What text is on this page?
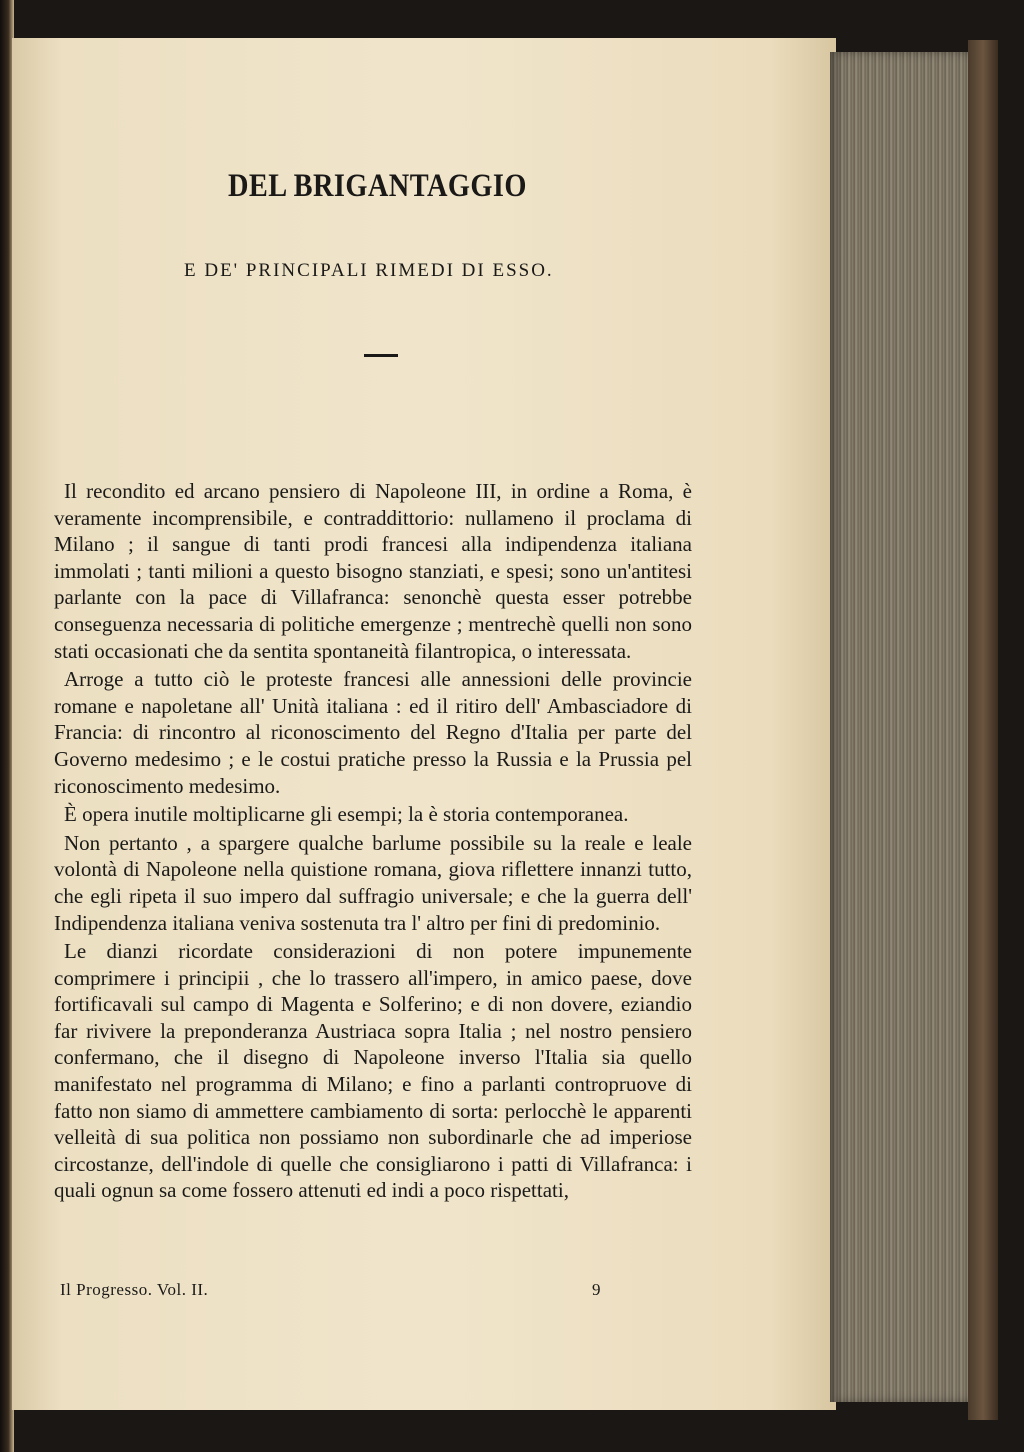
DEL BRIGANTAGGIO
E DE' PRINCIPALI RIMEDI DI ESSO.

Il recondito ed arcano pensiero di Napoleone III, in ordine a Roma, è veramente incomprensibile, e contraddittorio: nullameno il proclama di Milano ; il sangue di tanti prodi francesi alla indipendenza italiana immolati ; tanti milioni a questo bisogno stanziati, e spesi; sono un'antitesi parlante con la pace di Villafranca: senonchè questa esser potrebbe conseguenza necessaria di politiche emergenze ; mentrechè quelli non sono stati occasionati che da sentita spontaneità filantropica, o interessata.

Arroge a tutto ciò le proteste francesi alle annessioni delle provincie romane e napoletane all' Unità italiana : ed il ritiro dell' Ambasciadore di Francia: di rincontro al riconoscimento del Regno d'Italia per parte del Governo medesimo ; e le costui pratiche presso la Russia e la Prussia pel riconoscimento medesimo.

È opera inutile moltiplicarne gli esempi; la è storia contemporanea.

Non pertanto , a spargere qualche barlume possibile su la reale e leale volontà di Napoleone nella quistione romana, giova riflettere innanzi tutto, che egli ripeta il suo impero dal suffragio universale; e che la guerra dell' Indipendenza italiana veniva sostenuta tra l' altro per fini di predominio.

Le dianzi ricordate considerazioni di non potere impunemente comprimere i principii , che lo trassero all'impero, in amico paese, dove fortificavali sul campo di Magenta e Solferino; e di non dovere, eziandio far rivivere la preponderanza Austriaca sopra Italia ; nel nostro pensiero confermano, che il disegno di Napoleone inverso l'Italia sia quello manifestato nel programma di Milano; e fino a parlanti contropruove di fatto non siamo di ammettere cambiamento di sorta: perlocchè le apparenti velleità di sua politica non possiamo non subordinarle che ad imperiose circostanze, dell'indole di quelle che consigliarono i patti di Villafranca: i quali ognun sa come fossero attenuti ed indi a poco rispettati,

Il Progresso. Vol. II.	9
